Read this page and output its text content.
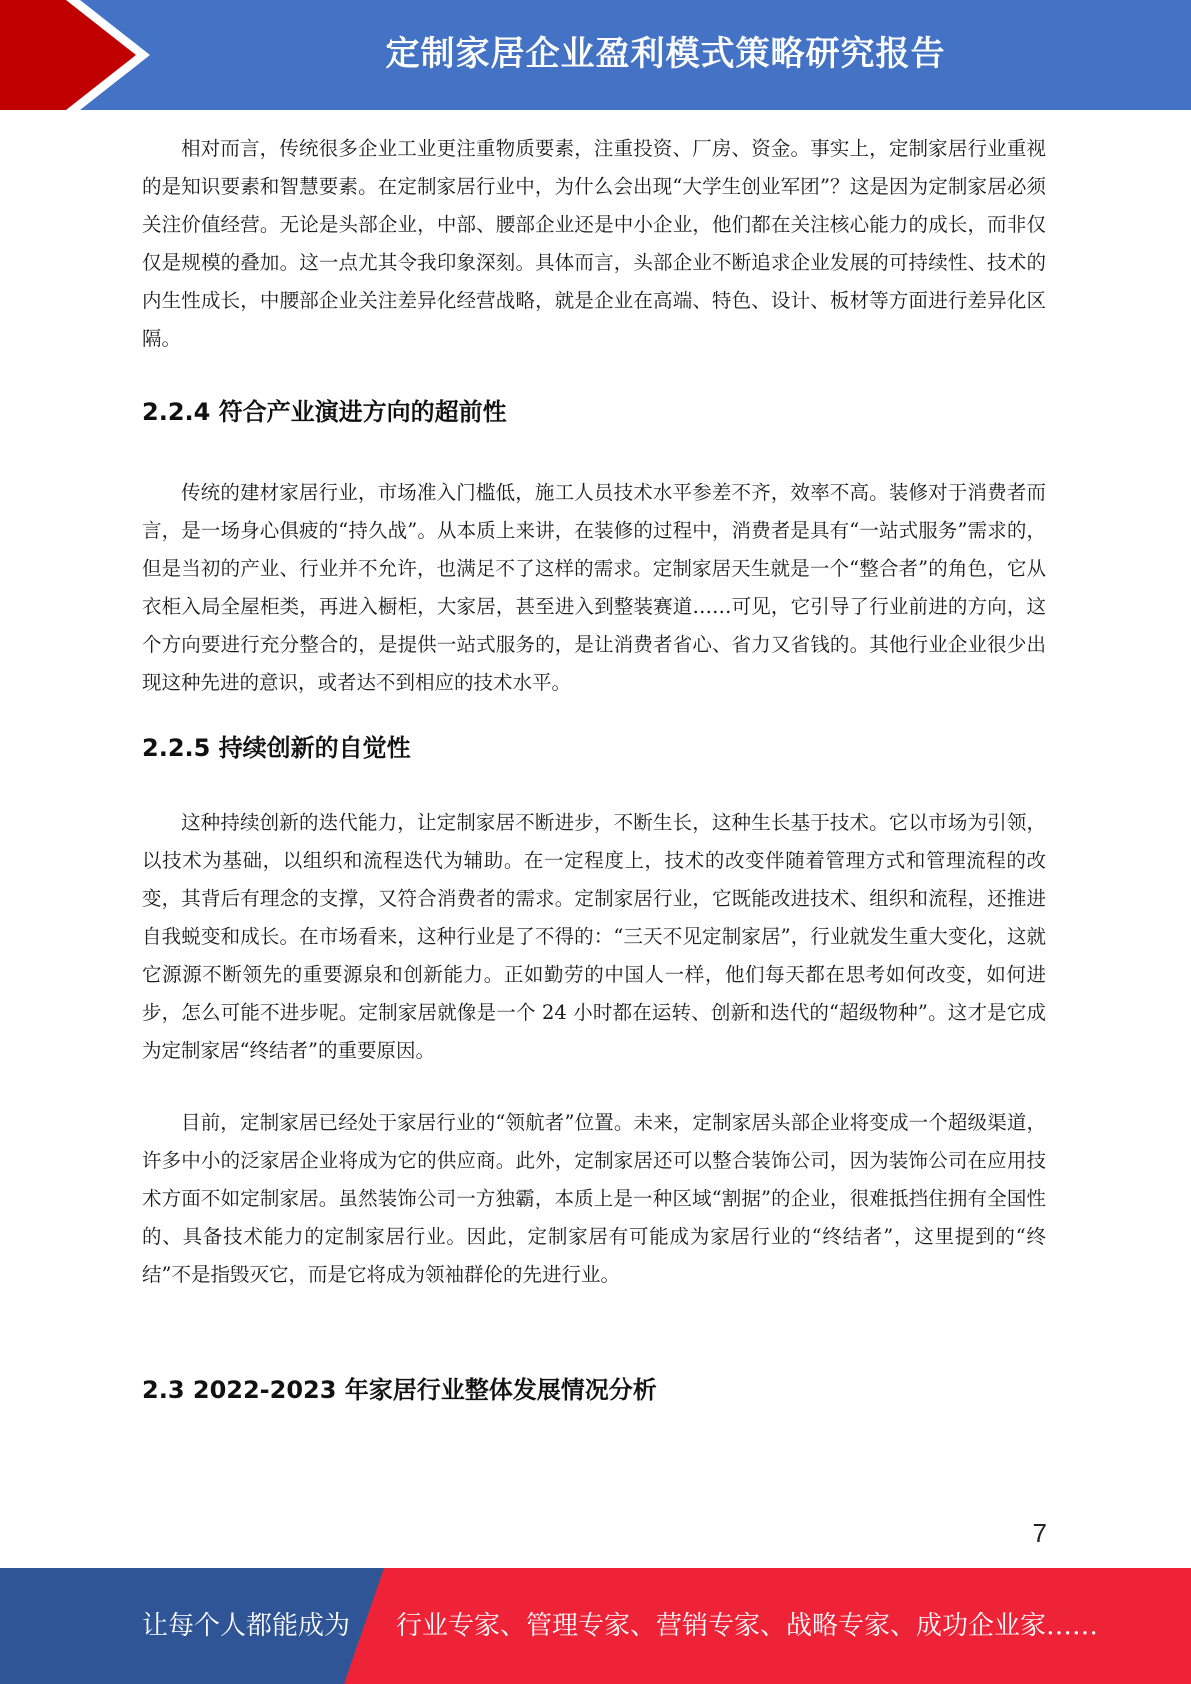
定制家居企业盈利模式策略研究报告

相对而言，传统很多企业工业更注重物质要素，注重投资、厂房、资金。事实上，定制家居行业重视的是知识要素和智慧要素。在定制家居行业中，为什么会出现“大学生创业军团”？这是因为定制家居必须关注价值经营。无论是头部企业，中部、腰部企业还是中小企业，他们都在关注核心能力的成长，而非仅仅是规模的叠加。这一点尤其令我印象深刻。具体而言，头部企业不断追求企业发展的可持续性、技术的内生性成长，中腰部企业关注差异化经营战略，就是企业在高端、特色、设计、板材等方面进行差异化区隔。

2.2.4 符合产业演进方向的超前性

传统的建材家居行业，市场准入门槛低，施工人员技术水平参差不齐，效率不高。装修对于消费者而言，是一场身心俱疲的“持久战”。从本质上来讲，在装修的过程中，消费者是具有“一站式服务”需求的，但是当初的产业、行业并不允许，也满足不了这样的需求。定制家居天生就是一个“整合者”的角色，它从衣柜入局全屋柜类，再进入橱柜，大家居，甚至进入到整装赛道……可见，它引导了行业前进的方向，这个方向要进行充分整合的，是提供一站式服务的，是让消费者省心、省力又省钱的。其他行业企业很少出现这种先进的意识，或者达不到相应的技术水平。

2.2.5 持续创新的自觉性

这种持续创新的迭代能力，让定制家居不断进步，不断生长，这种生长基于技术。它以市场为引领，以技术为基础，以组织和流程迭代为辅助。在一定程度上，技术的改变伴随着管理方式和管理流程的改变，其背后有理念的支撑，又符合消费者的需求。定制家居行业，它既能改进技术、组织和流程，还推进自我蜕变和成长。在市场看来，这种行业是了不得的：“三天不见定制家居”，行业就发生重大变化，这就它源源不断领先的重要源泉和创新能力。正如勤劳的中国人一样，他们每天都在思考如何改变，如何进步，怎么可能不进步呢。定制家居就像是一个 24 小时都在运转、创新和迭代的“超级物种”。这才是它成为定制家居“终结者”的重要原因。

目前，定制家居已经处于家居行业的“领航者”位置。未来，定制家居头部企业将变成一个超级渠道，许多中小的泛家居企业将成为它的供应商。此外，定制家居还可以整合装饰公司，因为装饰公司在应用技术方面不如定制家居。虽然装饰公司一方独霸，本质上是一种区域“割据”的企业，很难抵挡住拥有全国性的、具备技术能力的定制家居行业。因此，定制家居有可能成为家居行业的“终结者”，这里提到的“终结”不是指毁灭它，而是它将成为领袖群伦的先进行业。

2.3 2022-2023 年家居行业整体发展情况分析
7
让每个人都能成为 行业专家、管理专家、营销专家、战略专家、成功企业家……
